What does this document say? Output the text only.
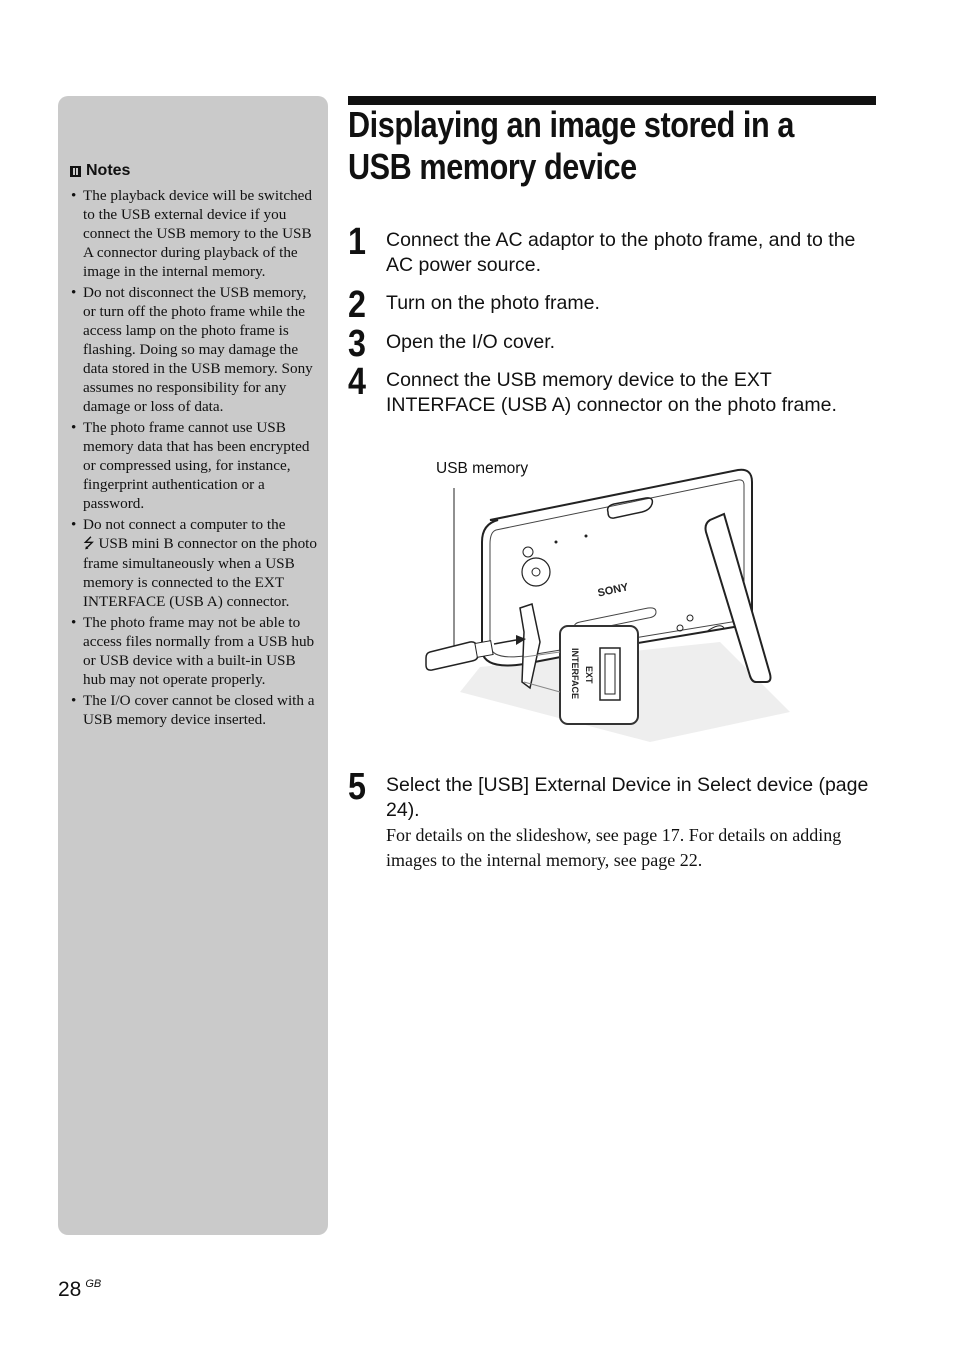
Notes
• The playback device will be switched to the USB external device if you connect the USB memory to the USB A connector during playback of the image in the internal memory.
• Do not disconnect the USB memory, or turn off the photo frame while the access lamp on the photo frame is flashing. Doing so may damage the data stored in the USB memory. Sony assumes no responsibility for any damage or loss of data.
• The photo frame cannot use USB memory data that has been encrypted or compressed using, for instance, fingerprint authentication or a password.
• Do not connect a computer to the
⭍ USB mini B connector on the photo frame simultaneously when a USB memory is connected to the EXT INTERFACE (USB A) connector.
• The photo frame may not be able to access files normally from a USB hub or USB device with a built-in USB hub may not operate properly.
• The I/O cover cannot be closed with a USB memory device inserted.
Displaying an image stored in a
USB memory device
1 Connect the AC adaptor to the photo frame, and to the AC power source.
2 Turn on the photo frame.
3 Open the I/O cover.
4 Connect the USB memory device to the EXT INTERFACE (USB A) connector on the photo frame.
USB memory
SONY
EXT
INTERFACE
5 Select the [USB] External Device in Select device (page 24).
For details on the slideshow, see page 17. For details on adding images to the internal memory, see page 22.
28 $^{GB}$
